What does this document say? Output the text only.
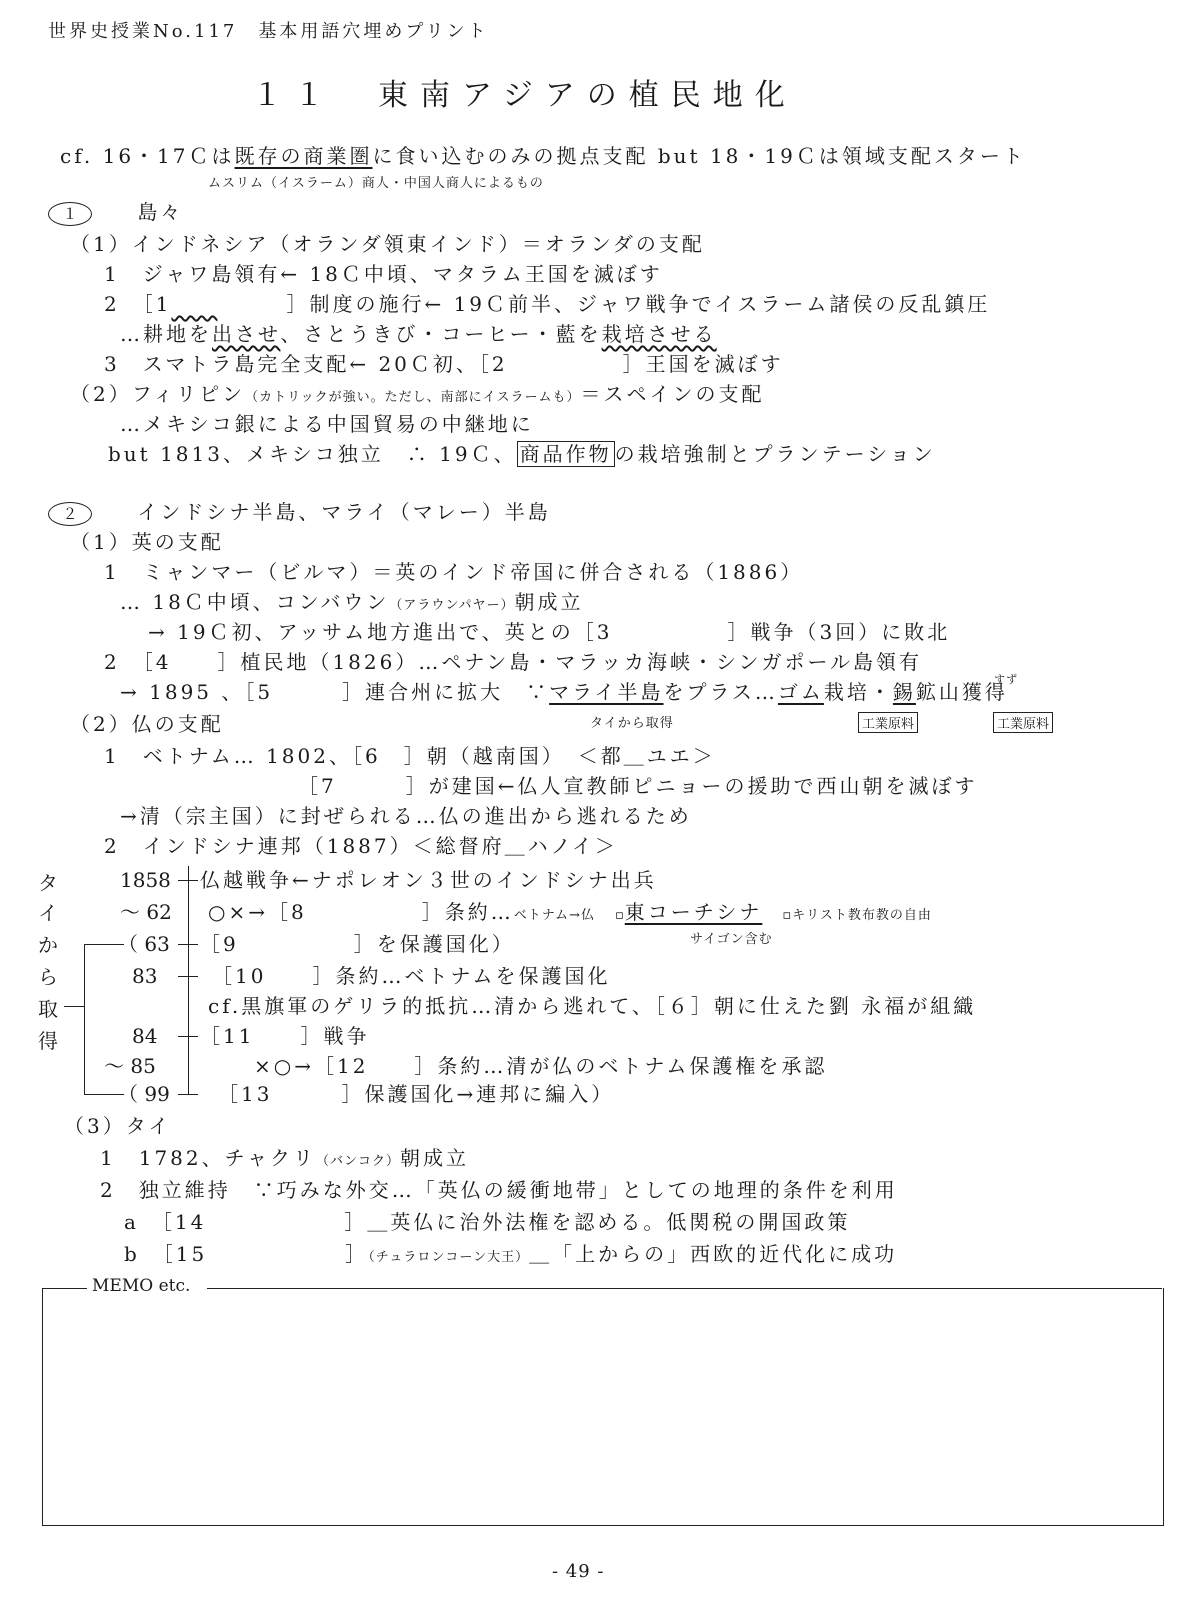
世界史授業No.117　基本用語穴埋めプリント
１１　東南アジアの植民地化
cf. 16・17Ｃは既存の商業圏に食い込むのみの拠点支配 but 18・19Ｃは領域支配スタート
ムスリム（イスラーム）商人・中国人商人によるもの
１	島々
（1）インドネシア（オランダ領東インド）＝オランダの支配
1　ジャワ島領有← 18Ｃ中頃、マタラム王国を滅ぼす
2　［1  　　　］制度の施行← 19Ｃ前半、ジャワ戦争でイスラーム諸侯の反乱鎮圧
…耕地を出させ、さとうきび・コーヒー・藍を栽培させる
3　スマトラ島完全支配← 20Ｃ初、［2　　　　　］王国を滅ぼす
（2）フィリピン（カトリックが強い。ただし、南部にイスラームも）＝スペインの支配
…メキシコ銀による中国貿易の中継地に
but 1813、メキシコ独立　∴ 19Ｃ、 商品作物 の栽培強制とプランテーション
２	インドシナ半島、マライ（マレー）半島
（1）英の支配
1　ミャンマー（ビルマ）＝英のインド帝国に併合される（1886）
… 18Ｃ中頃、コンバウン（アラウンパヤー）朝成立
→ 19Ｃ初、アッサム地方進出で、英との［3　　　　　］戦争（3回）に敗北
2　［4　　］植民地（1826）…ペナン島・マラッカ海峡・シンガポール島領有
すず
→ 1895 、［5　　　］連合州に拡大　∵マライ半島をプラス…ゴム栽培・錫鉱山獲得
タイから取得	工業原料	工業原料
（2）仏の支配
1　ベトナム… 1802、［6　］朝（越南国）　＜都＿ユエ＞
［7　　　］が建国←仏人宣教師ピニョーの援助で西山朝を滅ぼす
→清（宗主国）に封ぜられる…仏の進出から逃れるため
2　インドシナ連邦（1887）＜総督府＿ハノイ＞
1858 仏越戦争←ナポレオン３世のインドシナ出兵
～ 62 ○×→［8　　　　　］条約…ベトナム→仏 ▫東コーチシナ ▫キリスト教布教の自由
サイゴン含む
（ 63 ［9　　　　　］を保護国化）
83	［10　　］条約…ベトナムを保護国化
cf.黒旗軍のゲリラ的抵抗…清から逃れて、［６］朝に仕えた劉 永福が組織
84 ［11　　］戦争
～ 85	×○→［12　　］条約…清が仏のベトナム保護権を承認
（ 99 ［13　　　］保護国化→連邦に編入）
タ
イ
か
ら
取
得
（3）タイ
1　1782、チャクリ（バンコク）朝成立
2　独立維持　∵巧みな外交…「英仏の緩衝地帯」としての地理的条件を利用
a　［14　　　　　　］＿英仏に治外法権を認める。低関税の開国政策
b　［15　　　　　　］（チュラロンコーン大王）＿「上からの」西欧的近代化に成功
MEMO etc.
- 49 -
